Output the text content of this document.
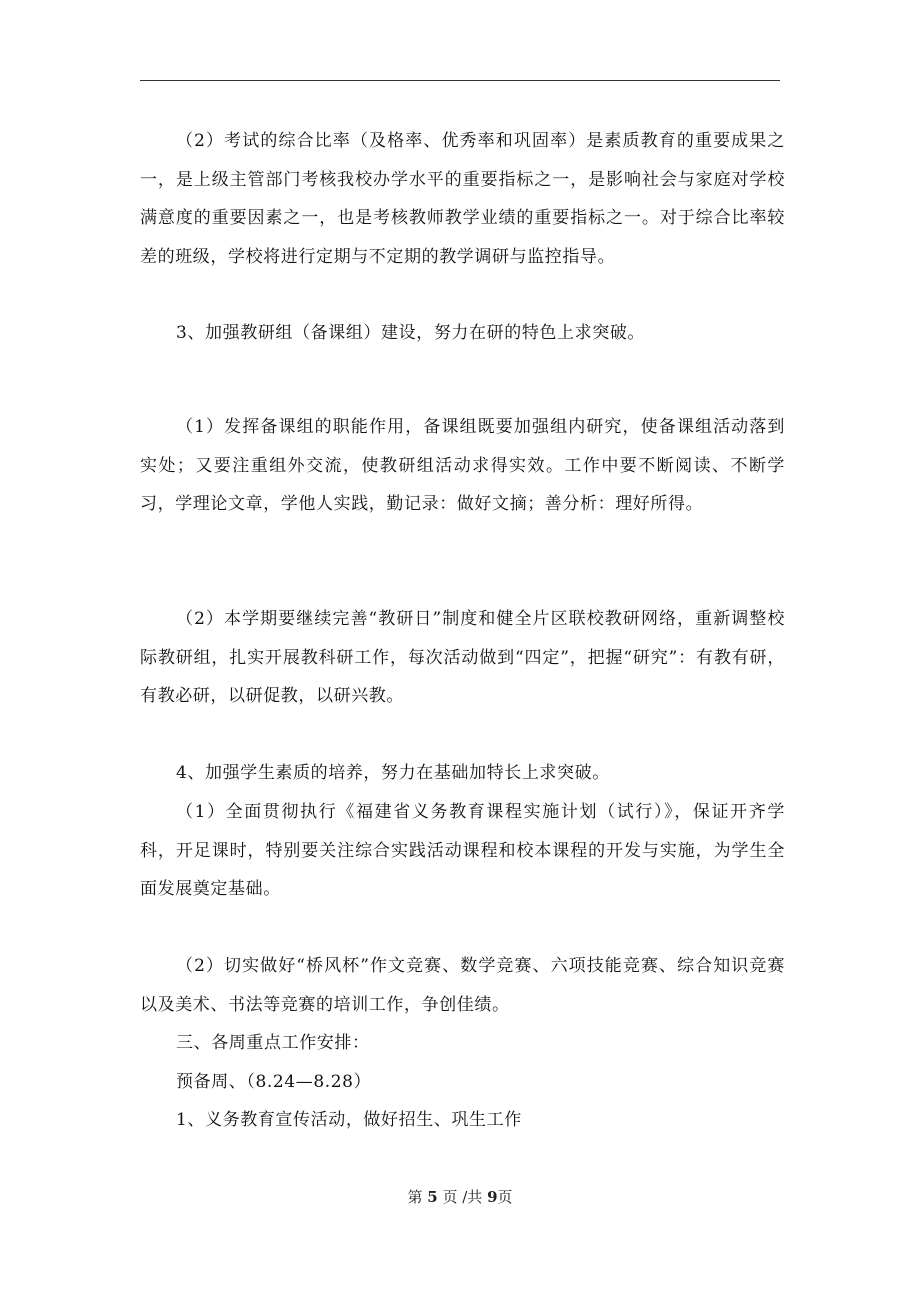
（2）考试的综合比率（及格率、优秀率和巩固率）是素质教育的重要成果之一，是上级主管部门考核我校办学水平的重要指标之一，是影响社会与家庭对学校满意度的重要因素之一，也是考核教师教学业绩的重要指标之一。对于综合比率较差的班级，学校将进行定期与不定期的教学调研与监控指导。

3、加强教研组（备课组）建设，努力在研的特色上求突破。

（1）发挥备课组的职能作用，备课组既要加强组内研究，使备课组活动落到实处；又要注重组外交流，使教研组活动求得实效。工作中要不断阅读、不断学习，学理论文章，学他人实践，勤记录：做好文摘；善分析：理好所得。

（2）本学期要继续完善“教研日”制度和健全片区联校教研网络，重新调整校际教研组，扎实开展教科研工作，每次活动做到“四定”，把握“研究”：有教有研，有教必研，以研促教，以研兴教。

4、加强学生素质的培养，努力在基础加特长上求突破。

（1）全面贯彻执行《福建省义务教育课程实施计划（试行）》，保证开齐学科，开足课时，特别要关注综合实践活动课程和校本课程的开发与实施，为学生全面发展奠定基础。

（2）切实做好“桥风杯”作文竞赛、数学竞赛、六项技能竞赛、综合知识竞赛以及美术、书法等竞赛的培训工作，争创佳绩。

三、各周重点工作安排：

预备周、（8.24—8.28）

1、义务教育宣传活动，做好招生、巩生工作

第 5 页 /共 9页
